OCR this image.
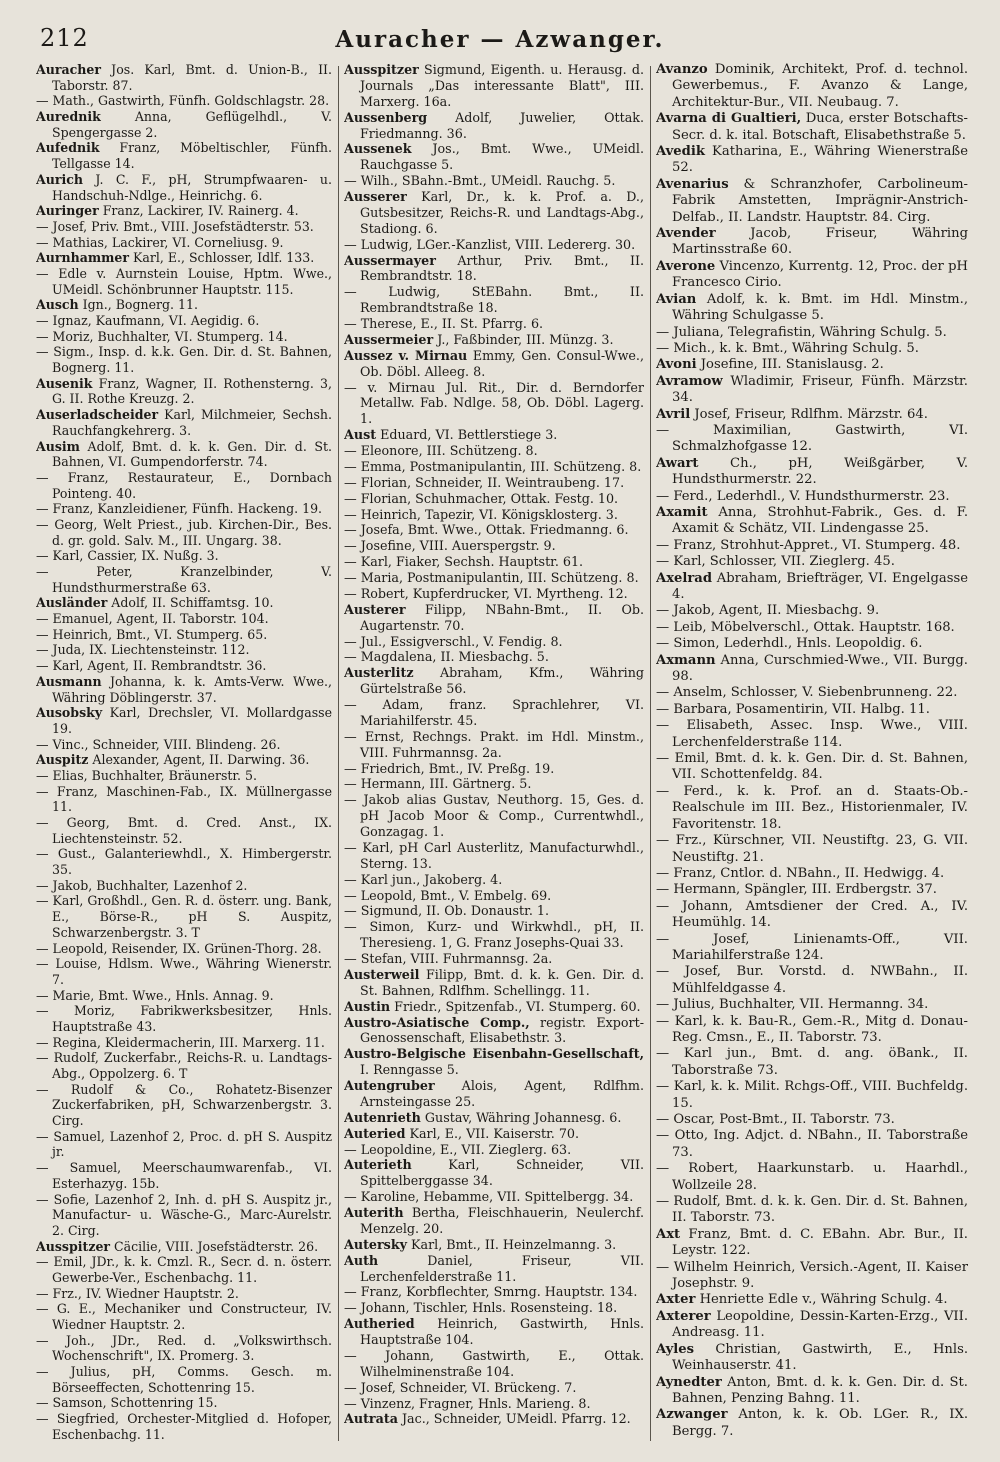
212	Auracher — Azwanger.

Auracher Jos. Karl, Bmt. d. Union-B., II. Taborstr. 87.

— Math., Gastwirth, Fünfh. Goldschlagstr. 28.

Aurednik Anna, Geflügelhdl., V. Spengergasse 2.

Aufednik Franz, Möbeltischler, Fünfh. Tellgasse 14.

Aurich J. C. F., pH, Strumpfwaaren- u. Handschuh-Ndlge., Heinrichg. 6.

Auringer Franz, Lackirer, IV. Rainerg. 4.

— Josef, Priv. Bmt., VIII. Josefstädterstr. 53.

— Mathias, Lackirer, VI. Corneliusg. 9.

Aurnhammer Karl, E., Schlosser, Idlf. 133.

— Edle v. Aurnstein Louise, Hptm. Wwe., UMeidl. Schönbrunner Hauptstr. 115.

Ausch Ign., Bognerg. 11.

— Ignaz, Kaufmann, VI. Aegidig. 6.

— Moriz, Buchhalter, VI. Stumperg. 14.

— Sigm., Insp. d. k.k. Gen. Dir. d. St. Bahnen, Bognerg. 11.

Ausenik Franz, Wagner, II. Rothensterng. 3, G. II. Rothe Kreuzg. 2.

Auserladscheider Karl, Milchmeier, Sechsh. Rauchfangkehrerg. 3.

Ausim Adolf, Bmt. d. k. k. Gen. Dir. d. St. Bahnen, VI. Gumpendorferstr. 74.

— Franz, Restaurateur, E., Dornbach Pointeng. 40.

— Franz, Kanzleidiener, Fünfh. Hackeng. 19.

— Georg, Welt Priest., jub. Kirchen-Dir., Bes. d. gr. gold. Salv. M., III. Ungarg. 38.

— Karl, Cassier, IX. Nußg. 3.

— Peter, Kranzelbinder, V. Hundsthurmerstraße 63.

Ausländer Adolf, II. Schiffamtsg. 10.

— Emanuel, Agent, II. Taborstr. 104.

— Heinrich, Bmt., VI. Stumperg. 65.

— Juda, IX. Liechtensteinstr. 112.

— Karl, Agent, II. Rembrandtstr. 36.

Ausmann Johanna, k. k. Amts-Verw. Wwe., Währing Döblingerstr. 37.

Ausobsky Karl, Drechsler, VI. Mollardgasse 19.

— Vinc., Schneider, VIII. Blindeng. 26.

Auspitz Alexander, Agent, II. Darwing. 36.

— Elias, Buchhalter, Bräunerstr. 5.

— Franz, Maschinen-Fab., IX. Müllnergasse 11.

— Georg, Bmt. d. Cred. Anst., IX. Liechtensteinstr. 52.

— Gust., Galanteriewhdl., X. Himbergerstr. 35.

— Jakob, Buchhalter, Lazenhof 2.

— Karl, Großhdl., Gen. R. d. österr. ung. Bank, E., Börse-R., pH S. Auspitz, Schwarzenbergstr. 3. T

— Leopold, Reisender, IX. Grünen-Thorg. 28.

— Louise, Hdlsm. Wwe., Währing Wienerstr. 7.

— Marie, Bmt. Wwe., Hnls. Annag. 9.

— Moriz, Fabrikwerksbesitzer, Hnls. Hauptstraße 43.

— Regina, Kleidermacherin, III. Marxerg. 11.

— Rudolf, Zuckerfabr., Reichs-R. u. Landtags-Abg., Oppolzerg. 6. T

— Rudolf & Co., Rohatetz-Bisenzer Zuckerfabriken, pH, Schwarzenbergstr. 3. Cirg.

— Samuel, Lazenhof 2, Proc. d. pH S. Auspitz jr.

— Samuel, Meerschaumwarenfab., VI. Esterhazyg. 15b.

— Sofie, Lazenhof 2, Inh. d. pH S. Auspitz jr., Manufactur- u. Wäsche-G., Marc-Aurelstr. 2. Cirg.

Ausspitzer Cäcilie, VIII. Josefstädterstr. 26.

— Emil, JDr., k. k. Cmzl. R., Secr. d. n. österr. Gewerbe-Ver., Eschenbachg. 11.

— Frz., IV. Wiedner Hauptstr. 2.

— G. E., Mechaniker und Constructeur, IV. Wiedner Hauptstr. 2.

— Joh., JDr., Red. d. „Volkswirthsch. Wochenschrift", IX. Promerg. 3.

— Julius, pH, Comms. Gesch. m. Börseeffecten, Schottenring 15.

— Samson, Schottenring 15.

— Siegfried, Orchester-Mitglied d. Hofoper, Eschenbachg. 11.

Ausspitzer Sigmund, Eigenth. u. Herausg. d. Journals „Das interessante Blatt", III. Marxerg. 16a.

Aussenberg Adolf, Juwelier, Ottak. Friedmanng. 36.

Aussenek Jos., Bmt. Wwe., UMeidl. Rauchgasse 5.

— Wilh., SBahn.-Bmt., UMeidl. Rauchg. 5.

Ausserer Karl, Dr., k. k. Prof. a. D., Gutsbesitzer, Reichs-R. und Landtags-Abg., Stadiong. 6.

— Ludwig, LGer.-Kanzlist, VIII. Ledererg. 30.

Aussermayer Arthur, Priv. Bmt., II. Rembrandtstr. 18.

— Ludwig, StEBahn. Bmt., II. Rembrandtstraße 18.

— Therese, E., II. St. Pfarrg. 6.

Aussermeier J., Faßbinder, III. Münzg. 3.

Aussez v. Mirnau Emmy, Gen. Consul-Wwe., Ob. Döbl. Alleeg. 8.

— v. Mirnau Jul. Rit., Dir. d. Berndorfer Metallw. Fab. Ndlge. 58, Ob. Döbl. Lagerg. 1.

Aust Eduard, VI. Bettlerstiege 3.

— Eleonore, III. Schützeng. 8.

— Emma, Postmanipulantin, III. Schützeng. 8.

— Florian, Schneider, II. Weintraubeng. 17.

— Florian, Schuhmacher, Ottak. Festg. 10.

— Heinrich, Tapezir, VI. Königsklosterg. 3.

— Josefa, Bmt. Wwe., Ottak. Friedmanng. 6.

— Josefine, VIII. Auerspergstr. 9.

— Karl, Fiaker, Sechsh. Hauptstr. 61.

— Maria, Postmanipulantin, III. Schützeng. 8.

— Robert, Kupferdrucker, VI. Myrtheng. 12.

Austerer Filipp, NBahn-Bmt., II. Ob. Augartenstr. 70.

— Jul., Essigverschl., V. Fendig. 8.

— Magdalena, II. Miesbachg. 5.

Austerlitz Abraham, Kfm., Währing Gürtelstraße 56.

— Adam, franz. Sprachlehrer, VI. Mariahilferstr. 45.

— Ernst, Rechngs. Prakt. im Hdl. Minstm., VIII. Fuhrmannsg. 2a.

— Friedrich, Bmt., IV. Preßg. 19.

— Hermann, III. Gärtnerg. 5.

— Jakob alias Gustav, Neuthorg. 15, Ges. d. pH Jacob Moor & Comp., Currentwhdl., Gonzagag. 1.

— Karl, pH Carl Austerlitz, Manufacturwhdl., Sterng. 13.

— Karl jun., Jakoberg. 4.

— Leopold, Bmt., V. Embelg. 69.

— Sigmund, II. Ob. Donaustr. 1.

— Simon, Kurz- und Wirkwhdl., pH, II. Theresieng. 1, G. Franz Josephs-Quai 33.

— Stefan, VIII. Fuhrmannsg. 2a.

Austerweil Filipp, Bmt. d. k. k. Gen. Dir. d. St. Bahnen, Rdlfhm. Schellingg. 11.

Austin Friedr., Spitzenfab., VI. Stumperg. 60.

Austro-Asiatische Comp., registr. Export-Genossenschaft, Elisabethstr. 3.

Austro-Belgische Eisenbahn-Gesellschaft, I. Renngasse 5.

Autengruber Alois, Agent, Rdlfhm. Arnsteingasse 25.

Autenrieth Gustav, Währing Johannesg. 6.

Auteried Karl, E., VII. Kaiserstr. 70.

— Leopoldine, E., VII. Zieglerg. 63.

Auterieth Karl, Schneider, VII. Spittelberggasse 34.

— Karoline, Hebamme, VII. Spittelbergg. 34.

Auterith Bertha, Fleischhauerin, Neulerchf. Menzelg. 20.

Autersky Karl, Bmt., II. Heinzelmanng. 3.

Auth Daniel, Friseur, VII. Lerchenfelderstraße 11.

— Franz, Korbflechter, Smrng. Hauptstr. 134.

— Johann, Tischler, Hnls. Rosensteing. 18.

Autheried Heinrich, Gastwirth, Hnls. Hauptstraße 104.

— Johann, Gastwirth, E., Ottak. Wilhelminenstraße 104.

— Josef, Schneider, VI. Brückeng. 7.

— Vinzenz, Fragner, Hnls. Marieng. 8.

Autrata Jac., Schneider, UMeidl. Pfarrg. 12.

Avanzo Dominik, Architekt, Prof. d. technol. Gewerbemus., F. Avanzo & Lange, Architektur-Bur., VII. Neubaug. 7.

Avarna di Gualtieri, Duca, erster Botschafts-Secr. d. k. ital. Botschaft, Elisabethstraße 5.

Avedik Katharina, E., Währing Wienerstraße 52.

Avenarius & Schranzhofer, Carbolineum-Fabrik Amstetten, Imprägnir-Anstrich-Delfab., II. Landstr. Hauptstr. 84. Cirg.

Avender Jacob, Friseur, Währing Martinsstraße 60.

Averone Vincenzo, Kurrentg. 12, Proc. der pH Francesco Cirio.

Avian Adolf, k. k. Bmt. im Hdl. Minstm., Währing Schulgasse 5.

— Juliana, Telegrafistin, Währing Schulg. 5.

— Mich., k. k. Bmt., Währing Schulg. 5.

Avoni Josefine, III. Stanislausg. 2.

Avramow Wladimir, Friseur, Fünfh. Märzstr. 34.

Avril Josef, Friseur, Rdlfhm. Märzstr. 64.

— Maximilian, Gastwirth, VI. Schmalzhofgasse 12.

Awart Ch., pH, Weißgärber, V. Hundsthurmerstr. 22.

— Ferd., Lederhdl., V. Hundsthurmerstr. 23.

Axamit Anna, Strohhut-Fabrik., Ges. d. F. Axamit & Schätz, VII. Lindengasse 25.

— Franz, Strohhut-Appret., VI. Stumperg. 48.

— Karl, Schlosser, VII. Zieglerg. 45.

Axelrad Abraham, Briefträger, VI. Engelgasse 4.

— Jakob, Agent, II. Miesbachg. 9.

— Leib, Möbelverschl., Ottak. Hauptstr. 168.

— Simon, Lederhdl., Hnls. Leopoldig. 6.

Axmann Anna, Curschmied-Wwe., VII. Burgg. 98.

— Anselm, Schlosser, V. Siebenbrunneng. 22.

— Barbara, Posamentirin, VII. Halbg. 11.

— Elisabeth, Assec. Insp. Wwe., VIII. Lerchenfelderstraße 114.

— Emil, Bmt. d. k. k. Gen. Dir. d. St. Bahnen, VII. Schottenfeldg. 84.

— Ferd., k. k. Prof. an d. Staats-Ob.-Realschule im III. Bez., Historienmaler, IV. Favoritenstr. 18.

— Frz., Kürschner, VII. Neustiftg. 23, G. VII. Neustiftg. 21.

— Franz, Cntlor. d. NBahn., II. Hedwigg. 4.

— Hermann, Spängler, III. Erdbergstr. 37.

— Johann, Amtsdiener der Cred. A., IV. Heumühlg. 14.

— Josef, Linienamts-Off., VII. Mariahilferstraße 124.

— Josef, Bur. Vorstd. d. NWBahn., II. Mühlfeldgasse 4.

— Julius, Buchhalter, VII. Hermanng. 34.

— Karl, k. k. Bau-R., Gem.-R., Mitg d. Donau-Reg. Cmsn., E., II. Taborstr. 73.

— Karl jun., Bmt. d. ang. öBank., II. Taborstraße 73.

— Karl, k. k. Milit. Rchgs-Off., VIII. Buchfeldg. 15.

— Oscar, Post-Bmt., II. Taborstr. 73.

— Otto, Ing. Adjct. d. NBahn., II. Taborstraße 73.

— Robert, Haarkunstarb. u. Haarhdl., Wollzeile 28.

— Rudolf, Bmt. d. k. k. Gen. Dir. d. St. Bahnen, II. Taborstr. 73.

Axt Franz, Bmt. d. C. EBahn. Abr. Bur., II. Leystr. 122.

— Wilhelm Heinrich, Versich.-Agent, II. Kaiser Josephstr. 9.

Axter Henriette Edle v., Währing Schulg. 4.

Axterer Leopoldine, Dessin-Karten-Erzg., VII. Andreasg. 11.

Ayles Christian, Gastwirth, E., Hnls. Weinhauserstr. 41.

Aynedter Anton, Bmt. d. k. k. Gen. Dir. d. St. Bahnen, Penzing Bahng. 11.

Azwanger Anton, k. k. Ob. LGer. R., IX. Bergg. 7.
